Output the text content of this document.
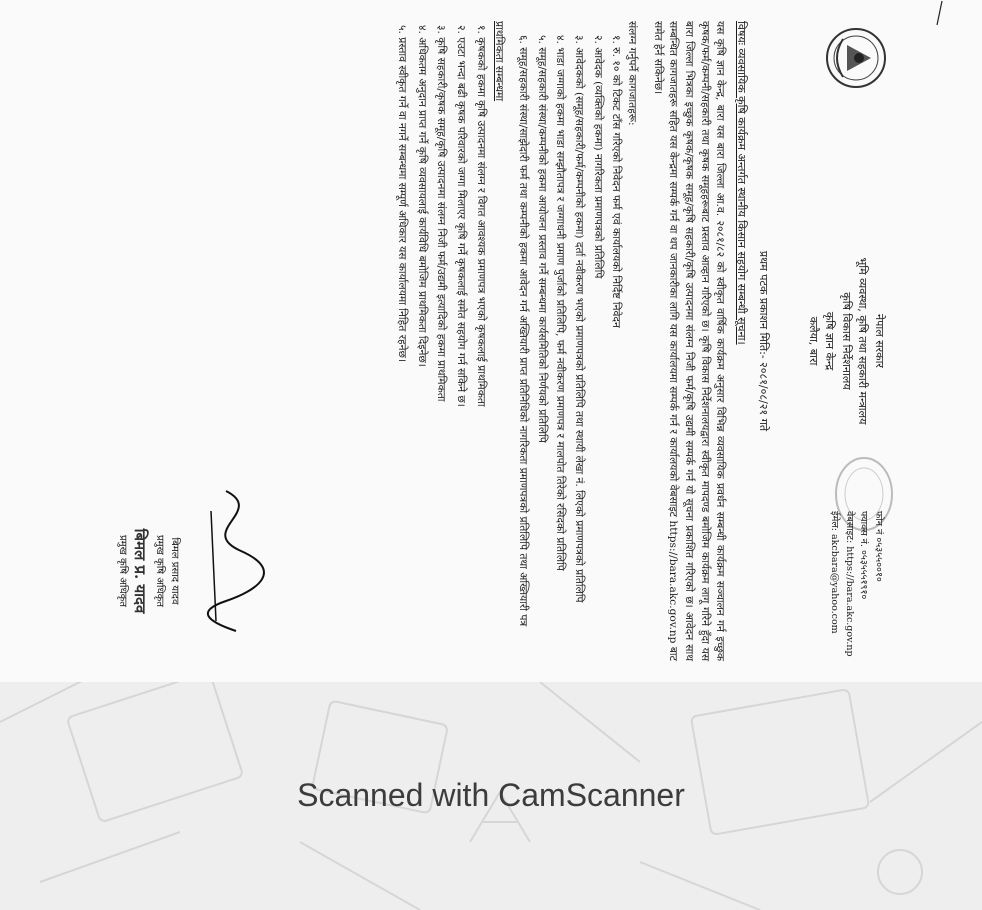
नेपाल सरकार
भूमि व्यवस्था, कृषि तथा सहकारी मन्त्रालय
कृषि विकास निर्देशनालय
कृषि ज्ञान केन्द्र
कलैया, बारा
फोन नं ०५३५५००१०
फ्याक्स नं. ०५३५५५१९१०
वेबसाइट: https://bara.akc.gov.np
ईमेल: akcbara@yahoo.com
प्रथम पटक प्रकाशन मिति:- २०८१/०८/२१ गते
विषयः व्यवसायिक कृषि कार्यक्रम अन्तर्गत स्थानीय किसान सहयोग सम्बन्धी सूचना।

यस कृषि ज्ञान केन्द्र, बारा यस बारा जिल्ला आ.व. २०८१/८२ को स्वीकृत वार्षिक कार्यक्रम अनुसार विभिन्न व्यवसायिक प्रवर्धन सम्बन्धी कार्यक्रम सञ्चालन गर्न इच्छुक कृषक/फर्म/कम्पनी/सहकारी तथा कृषक समूहहरूबाट प्रस्ताव आव्हान गरिएको छ। कृषि विकास निर्देशनालयद्वारा स्वीकृत मापदण्ड बमोजिम कार्यक्रम लागू गरिने हुँदा यस बारा जिल्ला भित्रका इच्छुक कृषक/कृषक समूह/कृषि सहकारी/कृषि उत्पादनमा संलग्न निजी फर्म/कृषि उद्यमी सम्पर्क गर्न यो सूचना प्रकाशित गरिएको छ। आवेदन साथ सम्बन्धित कागजातहरू सहित यस केन्द्रमा सम्पर्क गर्न वा थप जानकारीका लागि यस कार्यालयमा सम्पर्क गर्न र कार्यालयको वेबसाइट https://bara.akc.gov.np बाट समेत हेर्न सकिनेछ।

संलग्न गर्नुपर्ने कागजातहरू:
१. रु. १० को टिकट टाँस गरिएको निवेदन फर्म एवं कार्यालयको निर्दिष्ट निवेदन
२. आवेदक (व्यक्तिको हकमा) नागरिकता प्रमाणपत्रको प्रतिलिपि
३. आवेदकको (समूह/सहकारी/फर्म/कम्पनीको हकमा) दर्ता नवीकरण भएको प्रमाणपत्रको प्रतिलिपि तथा स्थायी लेखा नं. लिएको प्रमाणपत्रको प्रतिलिपि
४. भाडा जग्गाको हकमा भाडा सम्झौतापत्र र जग्गाधनी प्रमाण पुर्जाको प्रतिलिपि, फर्म नवीकरण प्रमाणपत्र र मालपोत तिरेको रसिदको प्रतिलिपि
५. समूह/सहकारी संस्था/कम्पनीको हकमा आयोजना प्रस्ताव गर्ने सम्बन्धमा कार्यसमितिको निर्णयको प्रतिलिपि
६. समूह/सहकारी संस्था/साझेदारी फर्म तथा कम्पनीको हकमा आवेदन गर्न अख्तियारी प्राप्त प्रतिनिधिको नागरिकता प्रमाणपत्रको प्रतिलिपि तथा अख्तियारी पत्र
प्राथमिकता सम्बन्धमा
१. कृषकको हकमा कृषि उत्पादनमा संलग्न र विगत आवश्यक प्रमाणपत्र भएको कृषकलाई प्राथमिकता
२. एउटा भन्दा बढी कृषक परिवारको जग्गा मिलाएर कृषि गर्ने कृषकलाई समेत सहयोग गर्न सकिने छ।
३. कृषि सहकारी/कृषक समूह/कृषि उत्पादनमा संलग्न निजी फर्म/उद्यमी इत्यादिको हकमा प्राथमिकता
४. अधिकतम अनुदान प्राप्त गर्ने कृषि व्यवसायलाई कार्यविधि बमोजिम प्राथमिकता दिइनेछ।
५. प्रस्ताव स्वीकृत गर्ने वा नगर्ने सम्बन्धमा सम्पूर्ण अधिकार यस कार्यालयमा निहित रहनेछ।
बिमल प्रसाद यादव
प्रमुख कृषि अधिकृत
बिमल प्र. यादव
प्रमुख कृषि अधिकृत

Scanned with CamScanner
